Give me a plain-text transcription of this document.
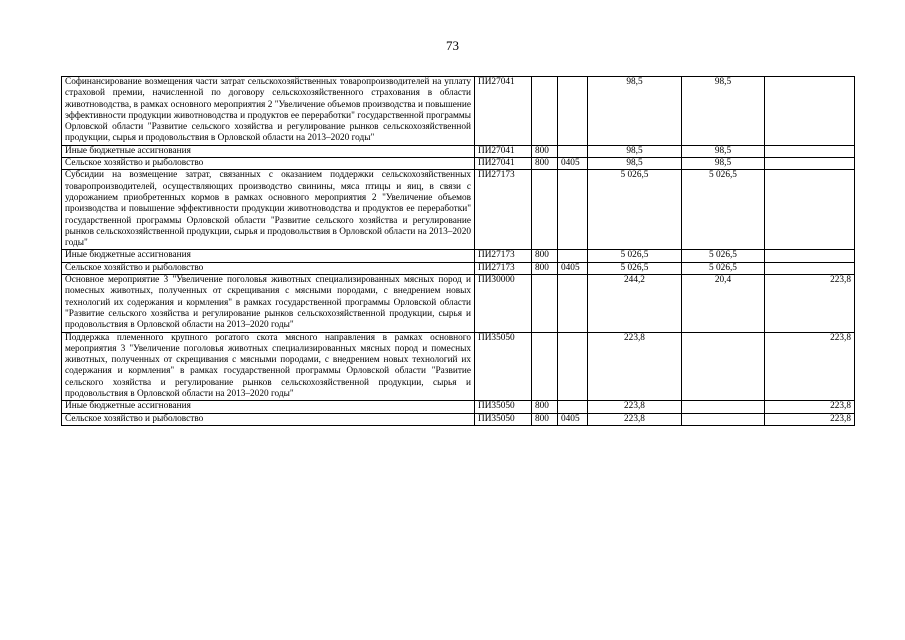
73
Софинансирование возмещения части затрат сельскохозяйственных товаропроизводителей на уплату страховой премии, начисленной по договору сельскохозяйственного страхования в области животноводства, в рамках основного мероприятия 2 "Увеличение объемов производства и повышение эффективности продукции животноводства и продуктов ее переработки" государственной программы Орловской области "Развитие сельского хозяйства и регулирование рынков сельскохозяйственной продукции, сырья и продовольствия в Орловской области на 2013–2020 годы"	ПИ27041			98,5	98,5	
Иные бюджетные ассигнования	ПИ27041	800		98,5	98,5	
Сельское хозяйство и рыболовство	ПИ27041	800	0405	98,5	98,5	
Субсидии на возмещение затрат, связанных с оказанием поддержки сельскохозяйственных товаропроизводителей, осуществляющих производство свинины, мяса птицы и яиц, в связи с удорожанием приобретенных кормов в рамках основного мероприятия 2 "Увеличение объемов производства и повышение эффективности продукции животноводства и продуктов ее переработки" государственной программы Орловской области "Развитие сельского хозяйства и регулирование рынков сельскохозяйственной продукции, сырья и продовольствия в Орловской области на 2013–2020 годы"	ПИ27173			5 026,5	5 026,5	
Иные бюджетные ассигнования	ПИ27173	800		5 026,5	5 026,5	
Сельское хозяйство и рыболовство	ПИ27173	800	0405	5 026,5	5 026,5	
Основное мероприятие 3 "Увеличение поголовья животных специализированных мясных пород и помесных животных, полученных от скрещивания с мясными породами, с внедрением новых технологий их содержания и кормления" в рамках государственной программы Орловской области "Развитие сельского хозяйства и регулирование рынков сельскохозяйственной продукции, сырья и продовольствия в Орловской области на 2013–2020 годы"	ПИ30000			244,2	20,4	223,8
Поддержка племенного крупного рогатого скота мясного направления в рамках основного мероприятия 3 "Увеличение поголовья животных специализированных мясных пород и помесных животных, полученных от скрещивания с мясными породами, с внедрением новых технологий их содержания и кормления" в рамках государственной программы Орловской области "Развитие сельского хозяйства и регулирование рынков сельскохозяйственной продукции, сырья и продовольствия в Орловской области на 2013–2020 годы"	ПИ35050			223,8		223,8
Иные бюджетные ассигнования	ПИ35050	800		223,8		223,8
Сельское хозяйство и рыболовство	ПИ35050	800	0405	223,8		223,8
